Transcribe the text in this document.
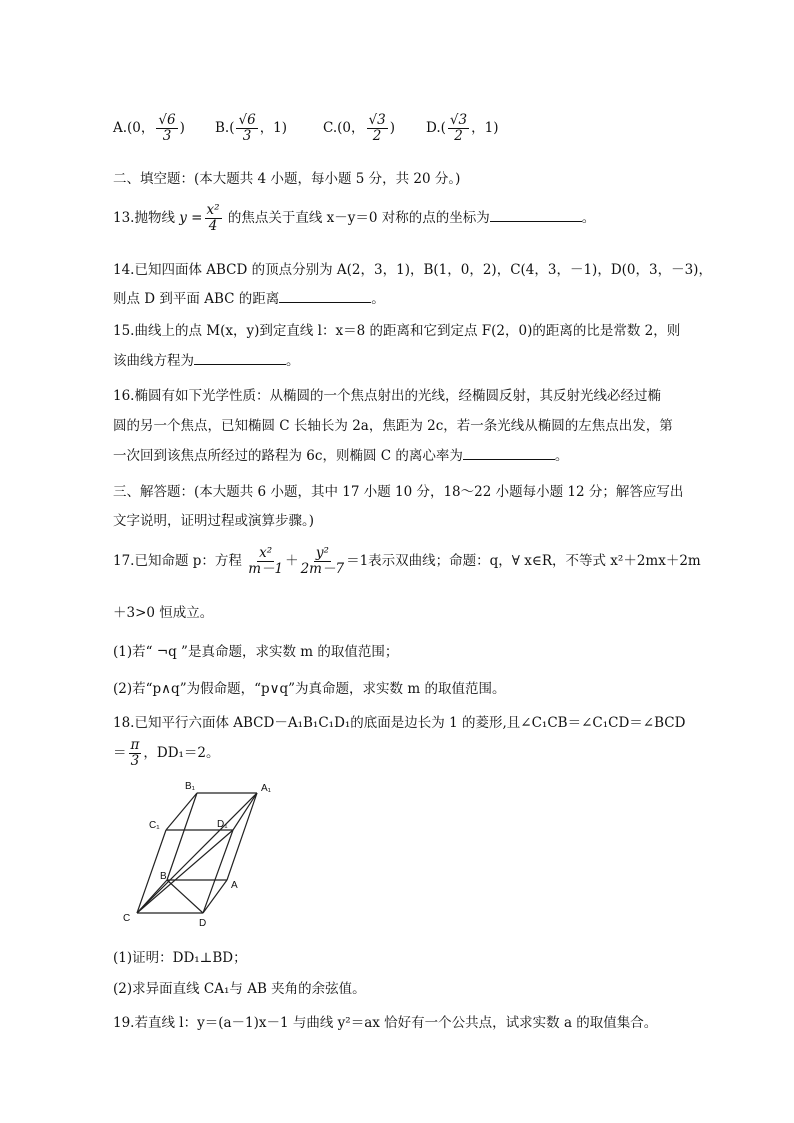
A.(0， $\frac{√6}{3}$ ) $B.( \frac{√6}{3}$ ，1)	C.(0， $\frac{√3}{2}$ ) $D.( \frac{√3}{2}$ ，1)
二、填空题：(本大题共 4 小题，每小题 5 分，共 20 分。)
13.抛物线 $y = \frac{\text{x²}}{4}$ 的焦点关于直线 x－y＝0 对称的点的坐标为	。
14.已知四面体 ABCD 的顶点分别为 A(2，3，1)，B(1，0，2)，C(4，3，－1)，D(0，3，－3)，
则点 D 到平面 ABC 的距离	。
15.曲线上的点 M(x，y)到定直线 l：x＝8 的距离和它到定点 F(2，0)的距离的比是常数 2，则
该曲线方程为	。
16.椭圆有如下光学性质：从椭圆的一个焦点射出的光线，经椭圆反射，其反射光线必经过椭
圆的另一个焦点，已知椭圆 C 长轴长为 2a，焦距为 2c，若一条光线从椭圆的左焦点出发，第
一次回到该焦点所经过的路程为 6c，则椭圆 C 的离心率为	。
三、解答题：(本大题共 6 小题，其中 17 小题 10 分，18～22 小题每小题 12 分；解答应写出
文字说明，证明过程或演算步骤。)
17.已知命题 p：方程 $\frac{\text{x²}}{m-1} + \frac{\text{y²}}{2m-7} =1$表示双曲线；命题：q，∀ x∈R，不等式 x²＋2mx＋2m
＋3>0 恒成立。
(1)若“ ¬q ”是真命题，求实数 m 的取值范围；
(2)若“p∧q”为假命题，“p∨q”为真命题，求实数 m 的取值范围。
18.已知平行六面体 ABCD－A₁B₁C₁D₁的底面是边长为 1 的菱形,且∠C₁CB＝∠C₁CD＝∠BCD
＝ $\frac{\pi}{3}$ ，DD₁＝2。
B₁	A₁
C₁	D₁
B
A
C	D
(1)证明：DD₁⊥BD；
(2)求异面直线 CA₁与 AB 夹角的余弦值。
19.若直线 l：y＝(a－1)x－1 与曲线 y²＝ax 恰好有一个公共点，试求实数 a 的取值集合。
